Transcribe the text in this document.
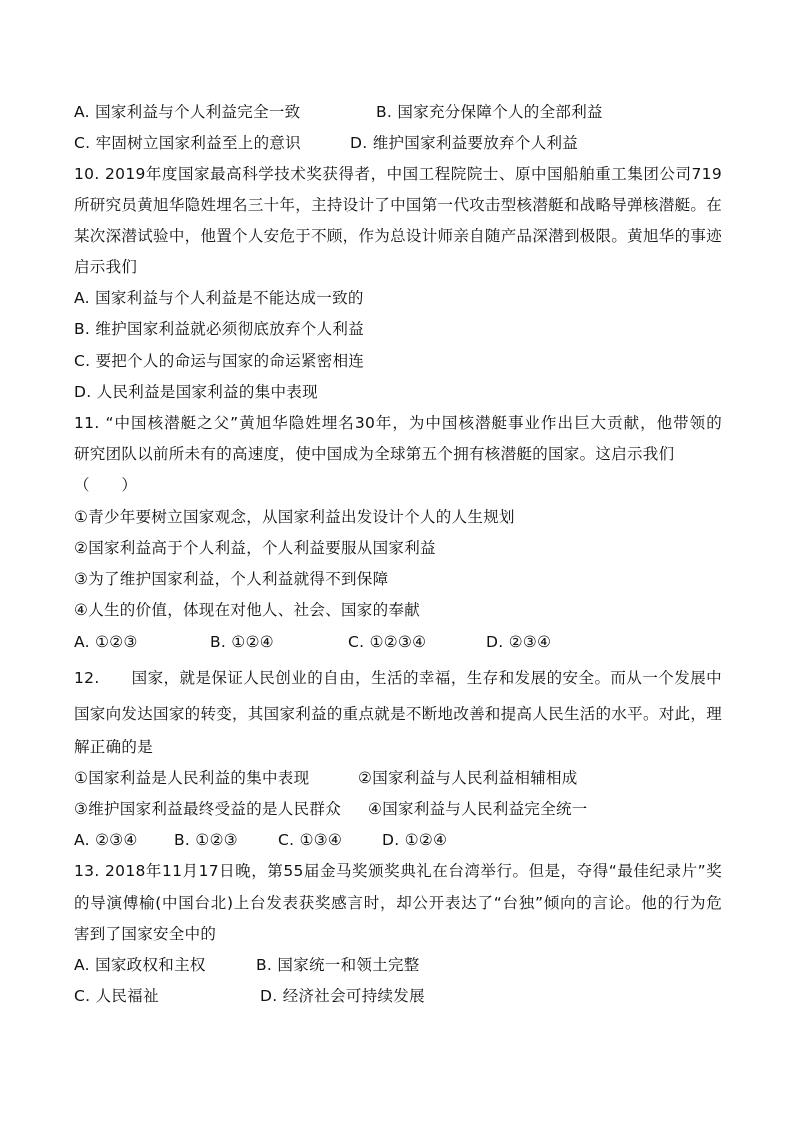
A. 国家利益与个人利益完全一致	B. 国家充分保障个人的全部利益
C. 牢固树立国家利益至上的意识	D. 维护国家利益要放弃个人利益
10. 2019年度国家最高科学技术奖获得者，中国工程院院士、原中国船舶重工集团公司719
所研究员黄旭华隐姓埋名三十年，主持设计了中国第一代攻击型核潜艇和战略导弹核潜艇。在
某次深潜试验中，他置个人安危于不顾，作为总设计师亲自随产品深潜到极限。黄旭华的事迹
启示我们
A. 国家利益与个人利益是不能达成一致的
B. 维护国家利益就必须彻底放弃个人利益
C. 要把个人的命运与国家的命运紧密相连
D. 人民利益是国家利益的集中表现
11. “中国核潜艇之父”黄旭华隐姓埋名30年，为中国核潜艇事业作出巨大贡献，他带领的
研究团队以前所未有的高速度，使中国成为全球第五个拥有核潜艇的国家。这启示我们
（　　）
①青少年要树立国家观念，从国家利益出发设计个人的人生规划
②国家利益高于个人利益，个人利益要服从国家利益
③为了维护国家利益，个人利益就得不到保障
④人生的价值，体现在对他人、社会、国家的奉献
A. ①②③	B. ①②④	C. ①②③④	D. ②③④
12.　　国家，就是保证人民创业的自由，生活的幸福，生存和发展的安全。而从一个发展中
国家向发达国家的转变，其国家利益的重点就是不断地改善和提高人民生活的水平。对此，理
解正确的是
①国家利益是人民利益的集中表现	②国家利益与人民利益相辅相成
③维护国家利益最终受益的是人民群众 ④国家利益与人民利益完全统一
A. ②③④ B. ①②③	C. ①③④	D. ①②④
13. 2018年11月17日晚，第55届金马奖颁奖典礼在台湾举行。但是，夺得“最佳纪录片”奖
的导演傅榆(中国台北)上台发表获奖感言时，却公开表达了“台独”倾向的言论。他的行为危
害到了国家安全中的
A. 国家政权和主权	B. 国家统一和领土完整
C. 人民福祉	D. 经济社会可持续发展
